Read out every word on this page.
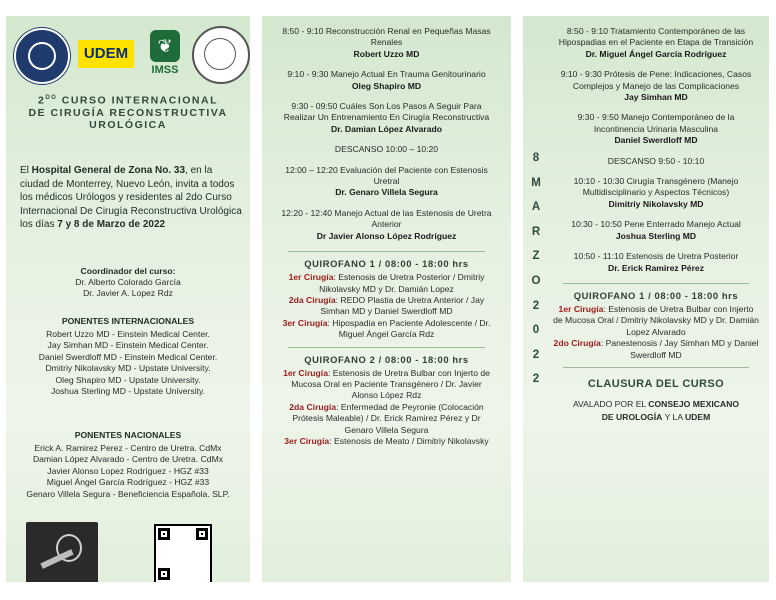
UDEM	❦
IMSS
$2^{DO}$ CURSO INTERNACIONAL
DE CIRUGÍA RECONSTRUCTIVA
UROLÓGICA
El Hospital General de Zona No. 33, en la ciudad de Monterrey, Nuevo León, invita a todos los médicos Urólogos y residentes al 2do Curso Internacional De Cirugía Reconstructiva Urológica los días 7 y 8 de Marzo de 2022
Coordinador del curso:
Dr. Alberto Colorado García
Dr. Javier A. Lopez Rdz
PONENTES INTERNACIONALES
Robert Uzzo MD - Einstein Medical Center.
Jay Simhan MD - Einstein Medical Center.
Daniel Swerdloff MD - Einstein Medical Center.
Dmitriy Nikolavsky MD - Upstate University.
Oleg Shapiro MD - Upstate University.
Joshua Sterling MD - Upstate University.
PONENTES NACIONALES
Erick A. Ramirez Perez - Centro de Uretra. CdMx
Damian López Alvarado - Centro de Uretra. CdMx
Javier Alonso Lopez Rodríguez - HGZ #33
Miguel Ángel García Rodríguez - HGZ #33
Genaro Villela Segura - Beneficiencia Española. SLP.
8:50 - 9:10 Reconstrucción Renal en Pequeñas Masas Renales
Robert Uzzo MD
9:10 - 9:30 Manejo Actual En Trauma Genitourinario
Oleg Shapiro MD
9:30 - 09:50 Cuáles Son Los Pasos A Seguir Para Realizar Un Entrenamiento En Cirugía Reconstructiva
Dr. Damian López Alvarado
DESCANSO 10:00 – 10:20
12:00 – 12:20 Evaluación del Paciente con Estenosis Uretral
Dr. Genaro Villela Segura
12:20 - 12:40 Manejo Actual de las Estenosis de Uretra Anterior
Dr Javier Alonso López Rodríguez
QUIROFANO 1 / 08:00 - 18:00 hrs
1er Cirugía: Estenosis de Uretra Posterior / Dmitriy Nikolavsky MD y Dr. Damián Lopez
2da Cirugía: REDO Plastia de Uretra Anterior / Jay Simhan MD y Daniel Swerdloff MD
3er Cirugía: Hipospadia en Paciente Adolescente / Dr. Miguel Ángel García Rdz
QUIROFANO 2 / 08:00 - 18:00 hrs
1er Cirugía: Estenosis de Uretra Bulbar con Injerto de Mucosa Oral en Paciente Transgénero / Dr. Javier Alonso López Rdz
2da Cirugía: Enfermedad de Peyronie (Colocación Prótesis Maleable) / Dr. Erick Ramirez Pérez y Dr Genaro Villela Segura
3er Cirugía: Estenosis de Meato / Dimitriy Nikolavsky
8
M
A
R
Z
O
2
0
2
2
8:50 - 9:10 Tratamiento Contemporáneo de las Hipospadias en el Paciente en Etapa de Transición
Dr. Miguel Ángel García Rodríguez
9:10 - 9:30 Prótesis de Pene: Indicaciones, Casos Complejos y Manejo de las Complicaciones
Jay Simhan MD
9:30 - 9:50 Manejo Contemporáneo de la Incontinencia Urinaria Masculina
Daniel Swerdloff MD
DESCANSO 9:50 - 10:10
10:10 - 10:30 Cirugía Transgénero (Manejo Multidisciplinario y Aspectos Técnicos)
Dimitriy Nikolavsky MD
10:30 - 10:50 Pene Enterrado Manejo Actual
Joshua Sterling MD
10:50 - 11:10 Estenosis de Uretra Posterior
Dr. Erick Ramirez Pérez
QUIROFANO 1 / 08:00 - 18:00 hrs
1er Cirugía: Estenosis de Uretra Bulbar con Injerto de Mucosa Oral / Dmitriy Nikolavsky MD y Dr. Damián Lopez Alvarado
2do Cirugía: Panestenosis / Jay Simhan MD y Daniel Swerdloff MD
CLAUSURA DEL CURSO
AVALADO POR EL CONSEJO MEXICANO
DE UROLOGÍA Y LA UDEM
